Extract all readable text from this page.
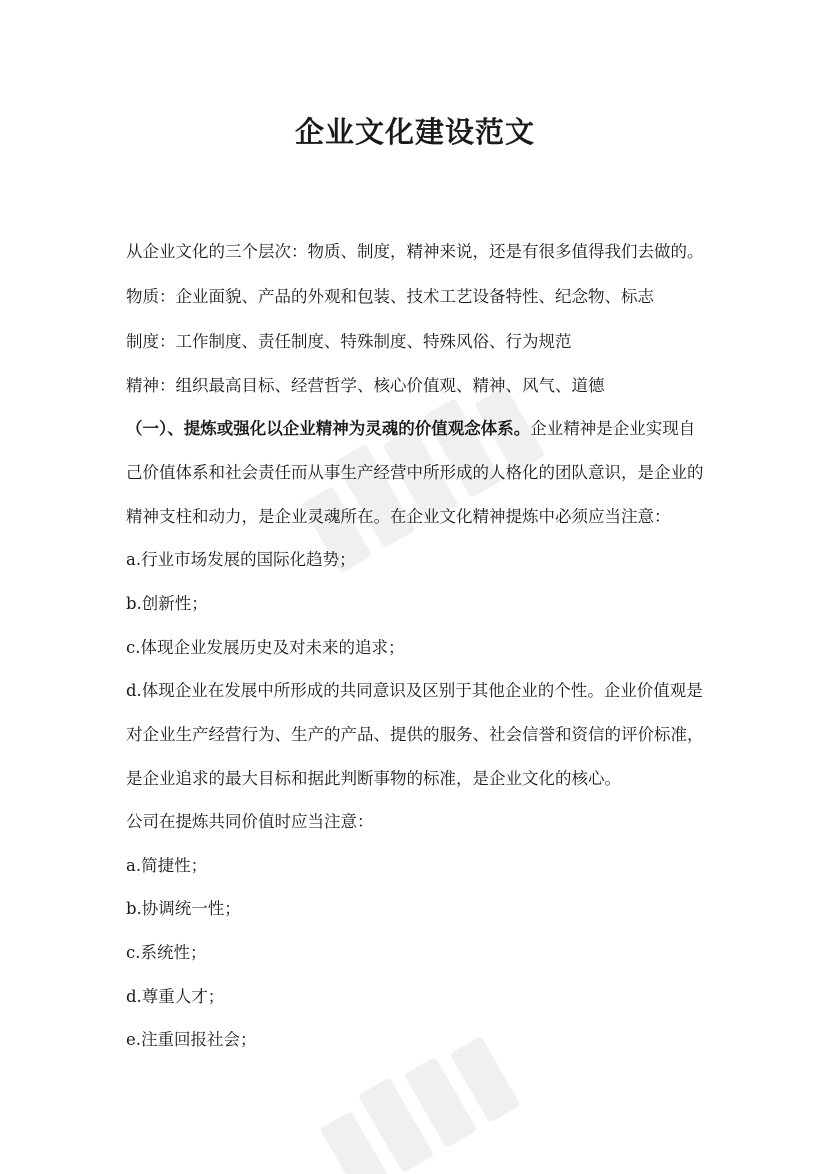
企业文化建设范文
从企业文化的三个层次：物质、制度，精神来说，还是有很多值得我们去做的。
物质：企业面貌、产品的外观和包装、技术工艺设备特性、纪念物、标志
制度：工作制度、责任制度、特殊制度、特殊风俗、行为规范
精神：组织最高目标、经营哲学、核心价值观、精神、风气、道德
（一）、提炼或强化以企业精神为灵魂的价值观念体系。企业精神是企业实现自
己价值体系和社会责任而从事生产经营中所形成的人格化的团队意识，是企业的
精神支柱和动力，是企业灵魂所在。在企业文化精神提炼中必须应当注意：
a.行业市场发展的国际化趋势；
b.创新性；
c.体现企业发展历史及对未来的追求；
d.体现企业在发展中所形成的共同意识及区别于其他企业的个性。企业价值观是
对企业生产经营行为、生产的产品、提供的服务、社会信誉和资信的评价标准，
是企业追求的最大目标和据此判断事物的标准，是企业文化的核心。
公司在提炼共同价值时应当注意：
a.简捷性；
b.协调统一性；
c.系统性；
d.尊重人才；
e.注重回报社会；
